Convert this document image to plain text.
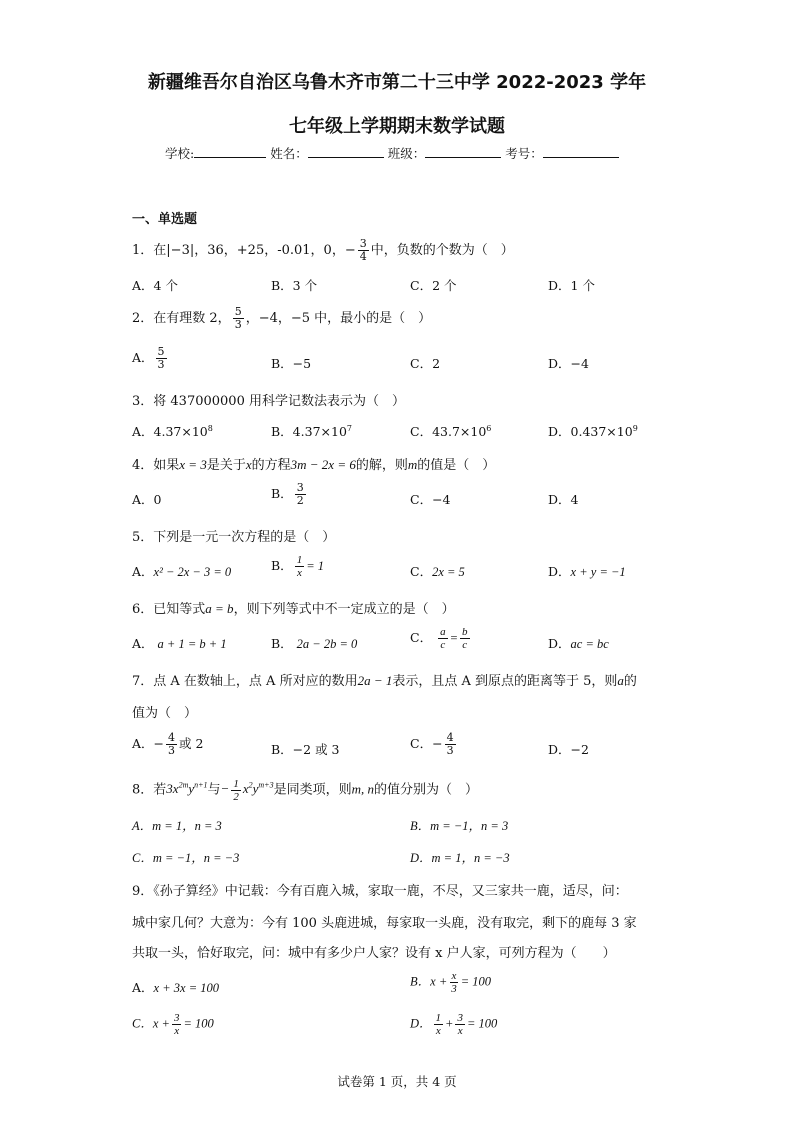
新疆维吾尔自治区乌鲁木齐市第二十三中学 2022-2023 学年
七年级上学期期末数学试题
学校:	姓名：	班级：	考号：
一、单选题
1．在|−3|，36，+25，-0.01，0，− $\frac{3}{4}$ 中，负数的个数为（　）
A．4 个	B．3 个	C．2 个	D．1 个
2．在有理数 2， $\frac{5}{3}$ ，−4，−5 中，最小的是（　）
A． $\frac{5}{3}$	B．−5	C．2	D．−4
3．将 437000000 用科学记数法表示为（　）
A．$4.37\times 10^8$	B．$4.37\times 10^7$	C．$43.7\times 10^6$	D．$0.437\times 10^9$
4．如果x = 3是关于x的方程3m − 2x = 6的解，则m的值是（　）
A．0	B． $\frac{3}{2}$	C．−4	D．4
5．下列是一元一次方程的是（　）
A．x² − 2x − 3 = 0	B． $\frac{1}{x} = 1$	C．2x = 5	D．x + y = −1
6．已知等式a = b，则下列等式中不一定成立的是（　）
A． a + 1 = b + 1	B． 2a − 2b = 0	C． $\frac{a}{c} = \frac{b}{c}$	D．ac = bc
7．点 A 在数轴上，点 A 所对应的数用2a − 1表示，且点 A 到原点的距离等于 5，则a的
值为（　）
A．− $\frac{4}{3}$ 或 2	B．−2 或 3	C．− $\frac{4}{3}$	D．−2
8．若$3x^{2m}y^{n+1}$与− $\frac{1}{2} x^2y^{m+3}$是同类项，则m, n的值分别为（　）
A．m = 1，n = 3	B．m = −1，n = 3
C．m = −1，n = −3	D．m = 1，n = −3
9．《孙子算经》中记载：今有百鹿入城，家取一鹿，不尽，又三家共一鹿，适尽，问：
城中家几何？大意为：今有 100 头鹿进城，每家取一头鹿，没有取完，剩下的鹿每 3 家
共取一头，恰好取完，问：城中有多少户人家？设有 x 户人家，可列方程为（　　）
A．x + 3x = 100	B．$x + \frac{x}{3} = 100$
C．$x + \frac{3}{x} = 100$	D． $\frac{1}{x} + \frac{3}{x} = 100$
试卷第 1 页，共 4 页
